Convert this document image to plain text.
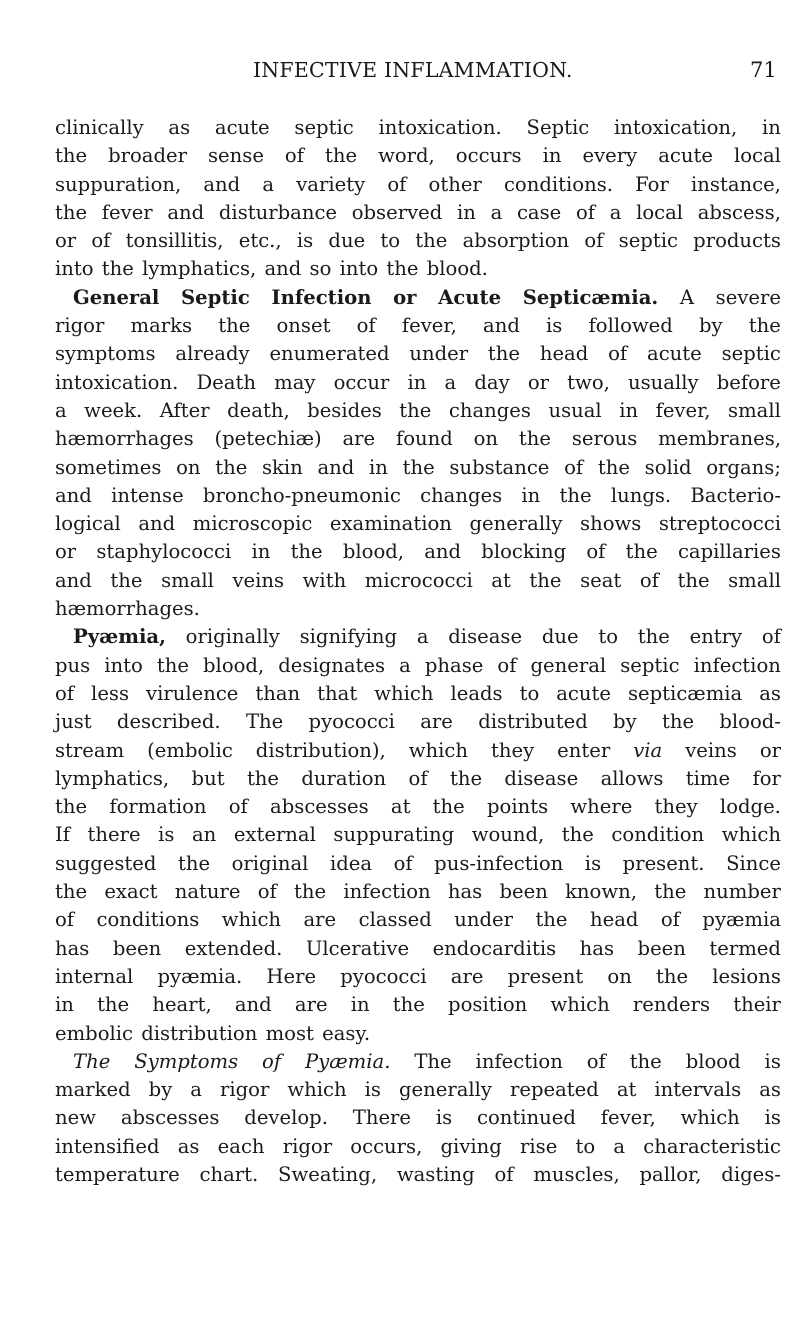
INFECTIVE INFLAMMATION.	71
clinically as acute septic intoxication. Septic intoxication, in
the broader sense of the word, occurs in every acute local
suppuration, and a variety of other conditions. For instance,
the fever and disturbance observed in a case of a local abscess,
or of tonsillitis, etc., is due to the absorption of septic products
into the lymphatics, and so into the blood.
General Septic Infection or Acute Septicæmia. A severe
rigor marks the onset of fever, and is followed by the
symptoms already enumerated under the head of acute septic
intoxication. Death may occur in a day or two, usually before
a week. After death, besides the changes usual in fever, small
hæmorrhages (petechiæ) are found on the serous membranes,
sometimes on the skin and in the substance of the solid organs;
and intense broncho-pneumonic changes in the lungs. Bacterio-
logical and microscopic examination generally shows streptococci
or staphylococci in the blood, and blocking of the capillaries
and the small veins with micrococci at the seat of the small
hæmorrhages.
Pyæmia, originally signifying a disease due to the entry of
pus into the blood, designates a phase of general septic infection
of less virulence than that which leads to acute septicæmia as
just described. The pyococci are distributed by the blood-
stream (embolic distribution), which they enter via veins or
lymphatics, but the duration of the disease allows time for
the formation of abscesses at the points where they lodge.
If there is an external suppurating wound, the condition which
suggested the original idea of pus-infection is present. Since
the exact nature of the infection has been known, the number
of conditions which are classed under the head of pyæmia
has been extended. Ulcerative endocarditis has been termed
internal pyæmia. Here pyococci are present on the lesions
in the heart, and are in the position which renders their
embolic distribution most easy.
The Symptoms of Pyæmia. The infection of the blood is
marked by a rigor which is generally repeated at intervals as
new abscesses develop. There is continued fever, which is
intensified as each rigor occurs, giving rise to a characteristic
temperature chart. Sweating, wasting of muscles, pallor, diges-
